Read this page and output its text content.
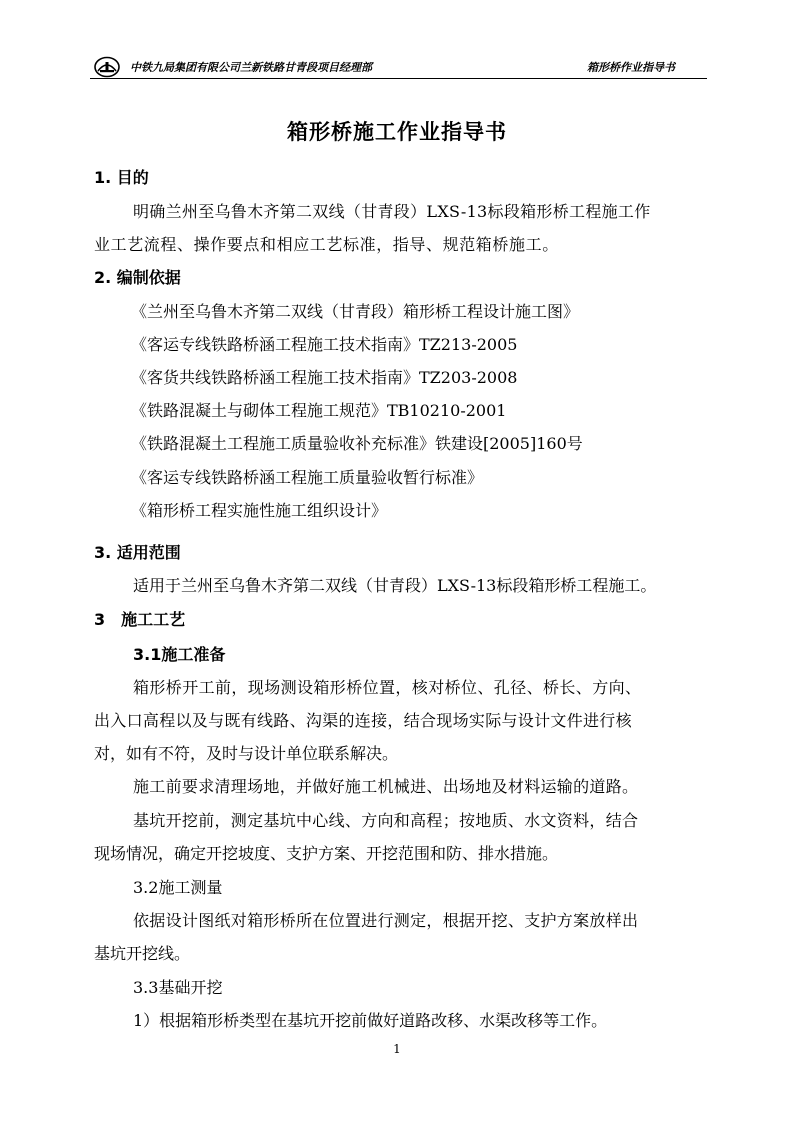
中铁九局集团有限公司兰新铁路甘青段项目经理部	箱形桥作业指导书
箱形桥施工作业指导书
1. 目的
明确兰州至乌鲁木齐第二双线（甘青段）LXS-13标段箱形桥工程施工作
业工艺流程、操作要点和相应工艺标准，指导、规范箱桥施工。
2. 编制依据
《兰州至乌鲁木齐第二双线（甘青段）箱形桥工程设计施工图》
《客运专线铁路桥涵工程施工技术指南》TZ213-2005
《客货共线铁路桥涵工程施工技术指南》TZ203-2008
《铁路混凝土与砌体工程施工规范》TB10210-2001
《铁路混凝土工程施工质量验收补充标准》铁建设[2005]160号
《客运专线铁路桥涵工程施工质量验收暂行标准》
《箱形桥工程实施性施工组织设计》
3. 适用范围
适用于兰州至乌鲁木齐第二双线（甘青段）LXS-13标段箱形桥工程施工。
3　施工工艺
3.1施工准备
箱形桥开工前，现场测设箱形桥位置，核对桥位、孔径、桥长、方向、
出入口高程以及与既有线路、沟渠的连接，结合现场实际与设计文件进行核
对，如有不符，及时与设计单位联系解决。
施工前要求清理场地，并做好施工机械进、出场地及材料运输的道路。
基坑开挖前，测定基坑中心线、方向和高程；按地质、水文资料，结合
现场情况，确定开挖坡度、支护方案、开挖范围和防、排水措施。
3.2施工测量
依据设计图纸对箱形桥所在位置进行测定，根据开挖、支护方案放样出
基坑开挖线。
3.3基础开挖
1）根据箱形桥类型在基坑开挖前做好道路改移、水渠改移等工作。
1
